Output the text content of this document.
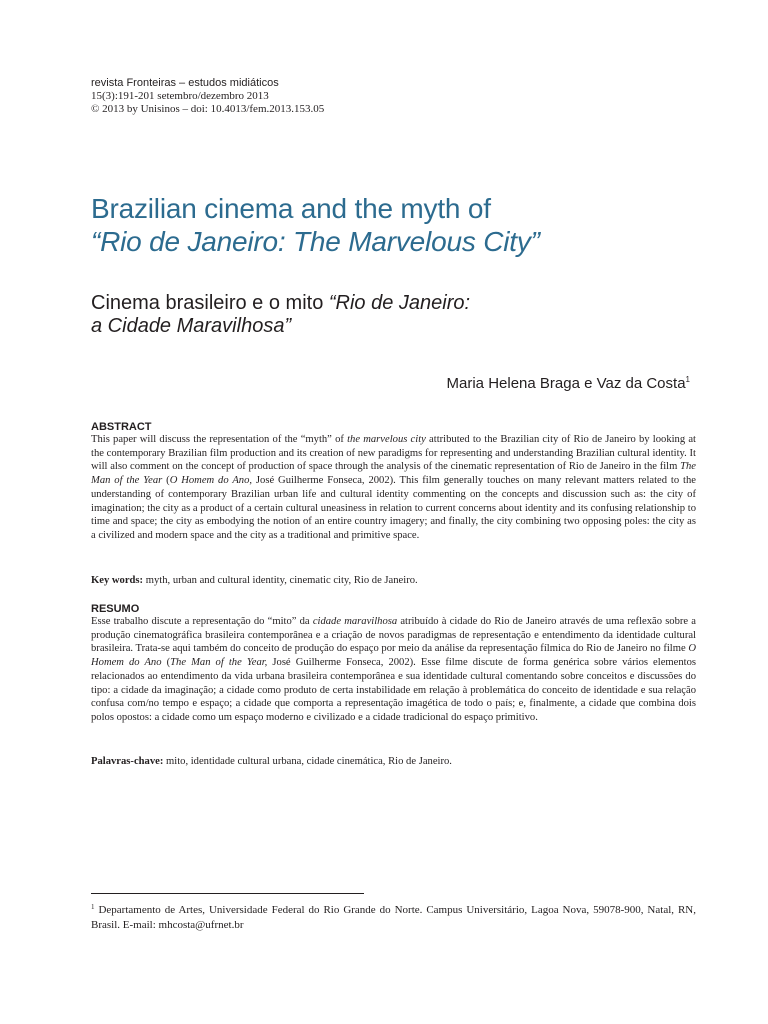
revista Fronteiras – estudos midiáticos
15(3):191-201 setembro/dezembro 2013
© 2013 by Unisinos – doi: 10.4013/fem.2013.153.05
Brazilian cinema and the myth of
“Rio de Janeiro: The Marvelous City”
Cinema brasileiro e o mito “Rio de Janeiro:
a Cidade Maravilhosa”
Maria Helena Braga e Vaz da Costa$^1$
ABSTRACT

This paper will discuss the representation of the “myth” of the marvelous city attributed to the Brazilian city of Rio de Janeiro by looking at the contemporary Brazilian film production and its creation of new paradigms for representing and understanding Brazilian cultural identity. It will also comment on the concept of production of space through the analysis of the cinematic representation of Rio de Janeiro in the film The Man of the Year (O Homem do Ano, José Guilherme Fonseca, 2002). This film generally touches on many relevant matters related to the understanding of contemporary Brazilian urban life and cultural identity commenting on the concepts and discussion such as: the city of imagination; the city as a product of a certain cultural uneasiness in relation to current concerns about identity and its confusing relationship to time and space; the city as embodying the notion of an entire country imagery; and finally, the city combining two opposing poles: the city as a civilized and modern space and the city as a traditional and primitive space.

Key words: myth, urban and cultural identity, cinematic city, Rio de Janeiro.

RESUMO

Esse trabalho discute a representação do “mito” da cidade maravilhosa atribuído à cidade do Rio de Janeiro através de uma reflexão sobre a produção cinematográfica brasileira contemporânea e a criação de novos paradigmas de representação e entendimento da identidade cultural brasileira. Trata-se aqui também do conceito de produção do espaço por meio da análise da representação fílmica do Rio de Janeiro no filme O Homem do Ano (The Man of the Year, José Guilherme Fonseca, 2002). Esse filme discute de forma genérica sobre vários elementos relacionados ao entendimento da vida urbana brasileira contemporânea e sua identidade cultural comentando sobre conceitos e discussões do tipo: a cidade da imaginação; a cidade como produto de certa instabilidade em relação à problemática do conceito de identidade e sua relação confusa com/no tempo e espaço; a cidade que comporta a representação imagética de todo o país; e, finalmente, a cidade que combina dois polos opostos: a cidade como um espaço moderno e civilizado e a cidade tradicional do espaço primitivo.

Palavras-chave: mito, identidade cultural urbana, cidade cinemática, Rio de Janeiro.

$^1$ Departamento de Artes, Universidade Federal do Rio Grande do Norte. Campus Universitário, Lagoa Nova, 59078-900, Natal, RN, Brasil. E-mail: mhcosta@ufrnet.br
